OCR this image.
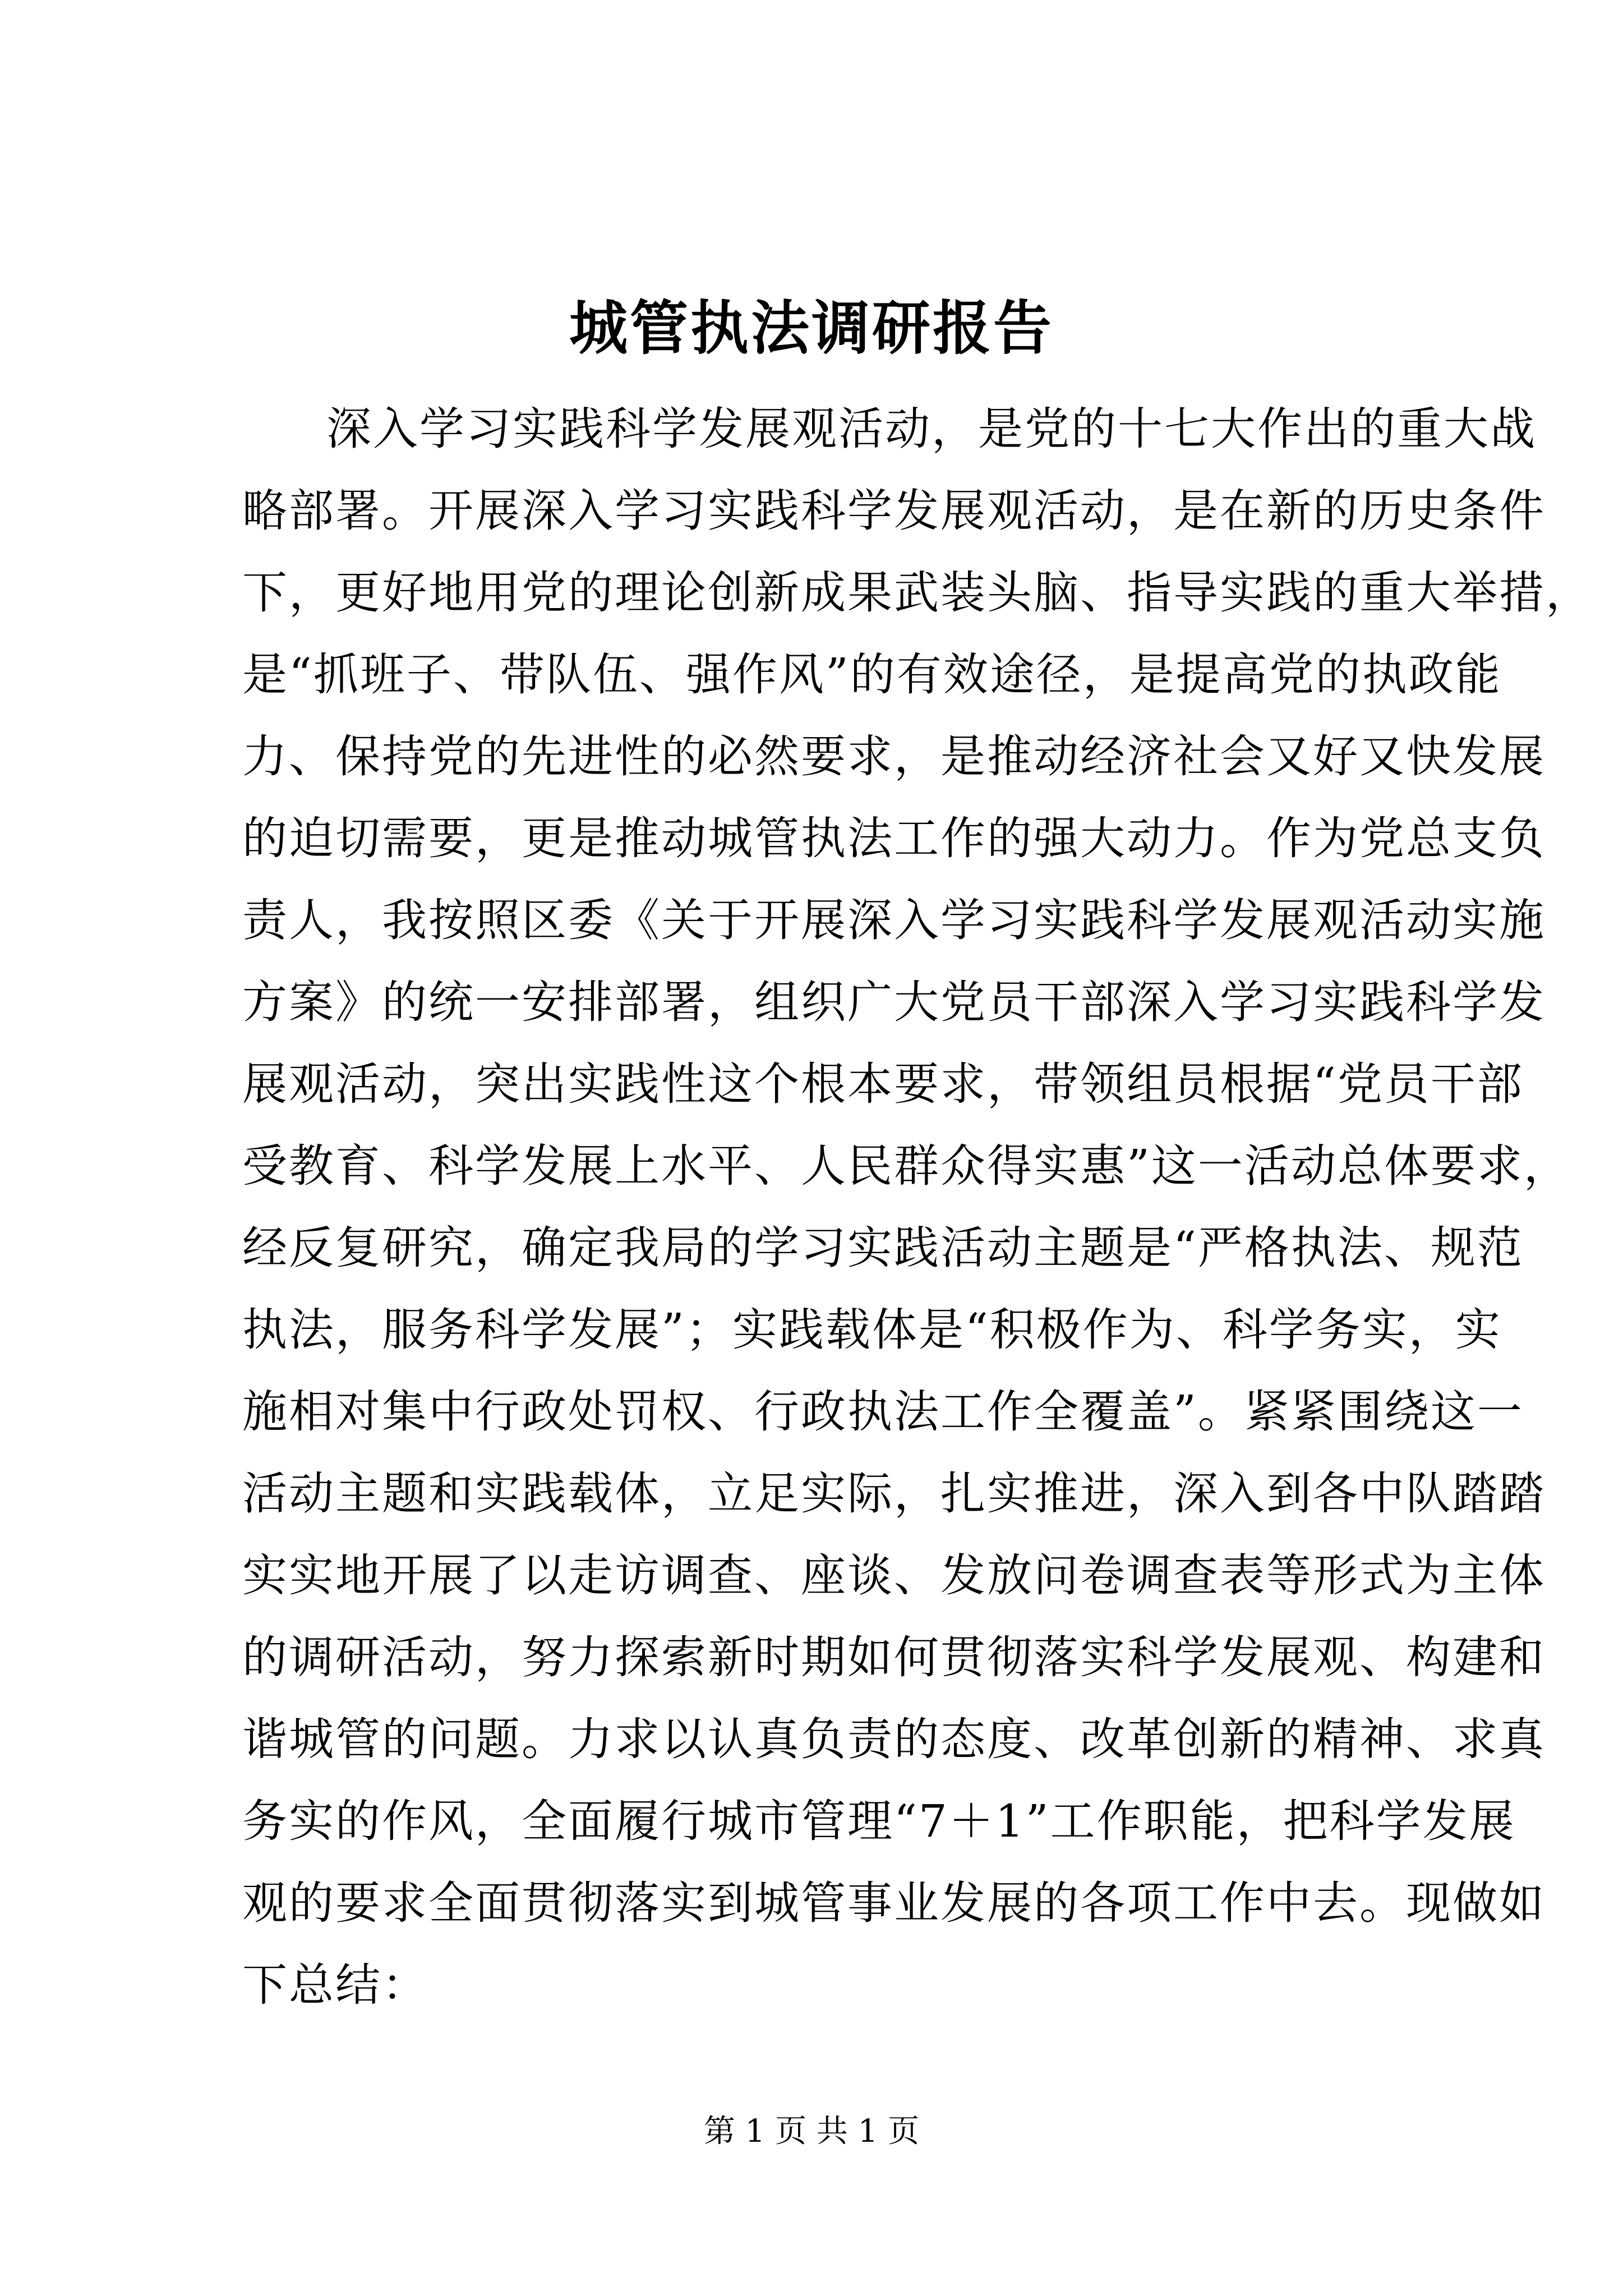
城管执法调研报告
深入学习实践科学发展观活动，是党的十七大作出的重大战
略部署。开展深入学习实践科学发展观活动，是在新的历史条件
下，更好地用党的理论创新成果武装头脑、指导实践的重大举措，
是“抓班子、带队伍、强作风”的有效途径，是提高党的执政能
力、保持党的先进性的必然要求，是推动经济社会又好又快发展
的迫切需要，更是推动城管执法工作的强大动力。作为党总支负
责人，我按照区委《关于开展深入学习实践科学发展观活动实施
方案》的统一安排部署，组织广大党员干部深入学习实践科学发
展观活动，突出实践性这个根本要求，带领组员根据“党员干部
受教育、科学发展上水平、人民群众得实惠”这一活动总体要求，
经反复研究，确定我局的学习实践活动主题是“严格执法、规范
执法，服务科学发展”；实践载体是“积极作为、科学务实，实
施相对集中行政处罚权、行政执法工作全覆盖”。紧紧围绕这一
活动主题和实践载体，立足实际，扎实推进，深入到各中队踏踏
实实地开展了以走访调查、座谈、发放问卷调查表等形式为主体
的调研活动，努力探索新时期如何贯彻落实科学发展观、构建和
谐城管的问题。力求以认真负责的态度、改革创新的精神、求真
务实的作风，全面履行城市管理“7＋1”工作职能，把科学发展
观的要求全面贯彻落实到城管事业发展的各项工作中去。现做如
下总结：
第 1 页 共 1 页
